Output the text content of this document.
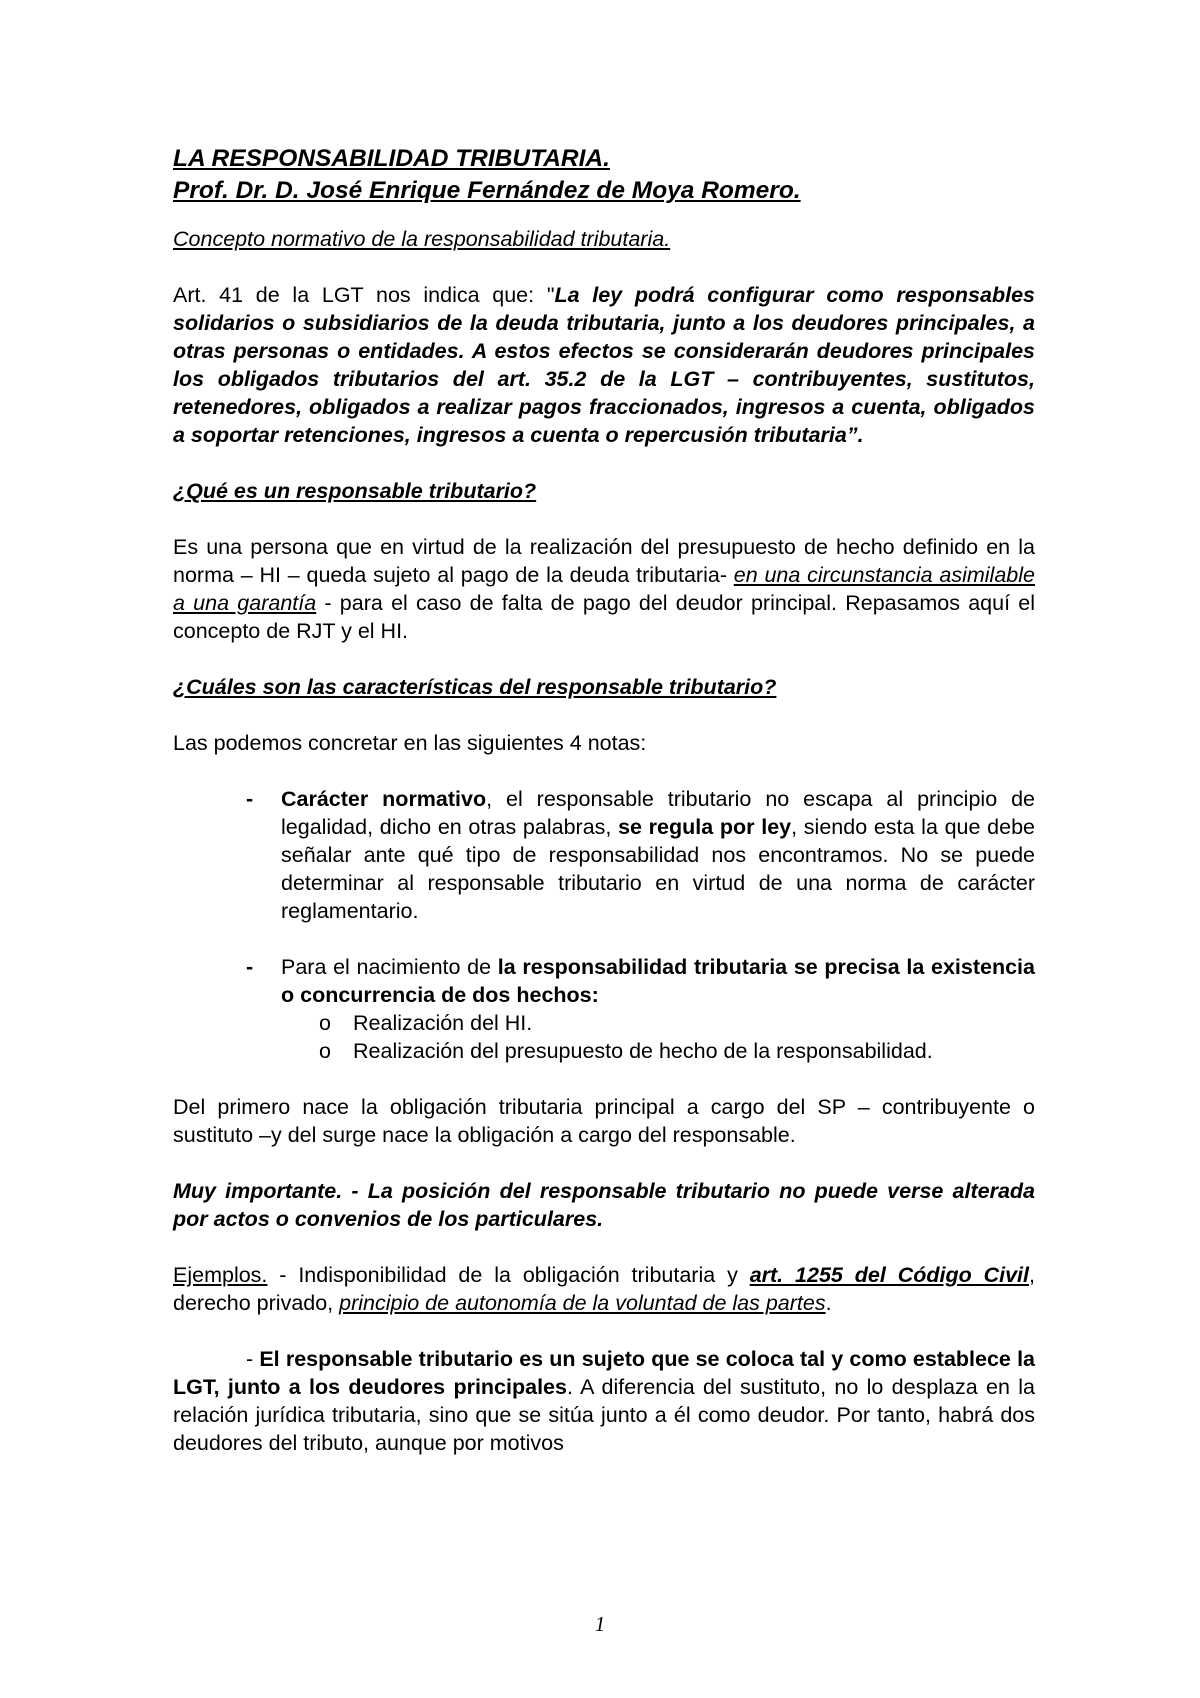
LA RESPONSABILIDAD TRIBUTARIA.

Prof. Dr. D. José Enrique Fernández de Moya Romero.

Concepto normativo de la responsabilidad tributaria.

Art. 41 de la LGT nos indica que: "La ley podrá configurar como responsables solidarios o subsidiarios de la deuda tributaria, junto a los deudores principales, a otras personas o entidades. A estos efectos se considerarán deudores principales los obligados tributarios del art. 35.2 de la LGT – contribuyentes, sustitutos, retenedores, obligados a realizar pagos fraccionados, ingresos a cuenta, obligados a soportar retenciones, ingresos a cuenta o repercusión tributaria”.

¿Qué es un responsable tributario?

Es una persona que en virtud de la realización del presupuesto de hecho definido en la norma – HI – queda sujeto al pago de la deuda tributaria- en una circunstancia asimilable a una garantía - para el caso de falta de pago del deudor principal. Repasamos aquí el concepto de RJT y el HI.

¿Cuáles son las características del responsable tributario?

Las podemos concretar en las siguientes 4 notas:

- Carácter normativo, el responsable tributario no escapa al principio de legalidad, dicho en otras palabras, se regula por ley, siendo esta la que debe señalar ante qué tipo de responsabilidad nos encontramos. No se puede determinar al responsable tributario en virtud de una norma de carácter reglamentario.
- Para el nacimiento de la responsabilidad tributaria se precisa la existencia o concurrencia de dos hechos:
o Realización del HI.
o Realización del presupuesto de hecho de la responsabilidad.

Del primero nace la obligación tributaria principal a cargo del SP – contribuyente o sustituto –y del surge nace la obligación a cargo del responsable.

Muy importante. - La posición del responsable tributario no puede verse alterada por actos o convenios de los particulares.

Ejemplos. - Indisponibilidad de la obligación tributaria y art. 1255 del Código Civil, derecho privado, principio de autonomía de la voluntad de las partes.

- El responsable tributario es un sujeto que se coloca tal y como establece la LGT, junto a los deudores principales. A diferencia del sustituto, no lo desplaza en la relación jurídica tributaria, sino que se sitúa junto a él como deudor. Por tanto, habrá dos deudores del tributo, aunque por motivos

1
